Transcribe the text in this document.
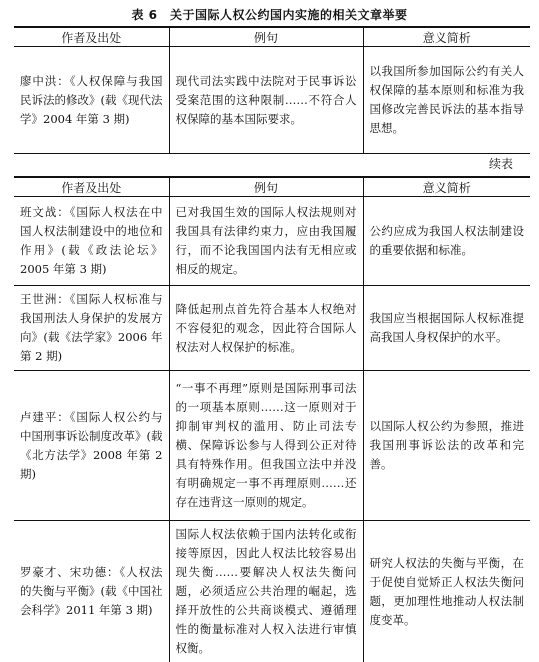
表 6　关于国际人权公约国内实施的相关文章举要
作者及出处	例句	意义简析
廖中洪：《人权保障与我国民诉法的修改》(载《现代法学》2004 年第 3 期)	现代司法实践中法院对于民事诉讼受案范围的这种限制……不符合人权保障的基本国际要求。	以我国所参加国际公约有关人权保障的基本原则和标准为我国修改完善民诉法的基本指导思想。
续表
作者及出处	例句	意义简析
班文战：《国际人权法在中国人权法制建设中的地位和作用》(载《政法论坛》2005 年第 3 期)	已对我国生效的国际人权法规则对我国具有法律约束力，应由我国履行，而不论我国国内法有无相应或相反的规定。	公约应成为我国人权法制建设的重要依据和标准。
王世洲：《国际人权标准与我国刑法人身保护的发展方向》(载《法学家》2006 年第 2 期)	降低起刑点首先符合基本人权绝对不容侵犯的观念，因此符合国际人权法对人权保护的标准。	我国应当根据国际人权标准提高我国人身权保护的水平。
卢建平：《国际人权公约与中国刑事诉讼制度改革》(载《北方法学》2008 年第 2 期)	“一事不再理”原则是国际刑事司法的一项基本原则……这一原则对于抑制审判权的滥用、防止司法专横、保障诉讼参与人得到公正对待具有特殊作用。但我国立法中并没有明确规定一事不再理原则……还存在违背这一原则的规定。	以国际人权公约为参照，推进我国刑事诉讼法的改革和完善。
罗豪才、宋功德：《人权法的失衡与平衡》(载《中国社会科学》2011 年第 3 期)	国际人权法依赖于国内法转化或衔接等原因，因此人权法比较容易出现失衡……要解决人权法失衡问题，必须适应公共治理的崛起，选择开放性的公共商谈模式、遵循理性的衡量标准对人权入法进行审慎权衡。	研究人权法的失衡与平衡，在于促使自觉矫正人权法失衡问题，更加理性地推动人权法制度变革。
